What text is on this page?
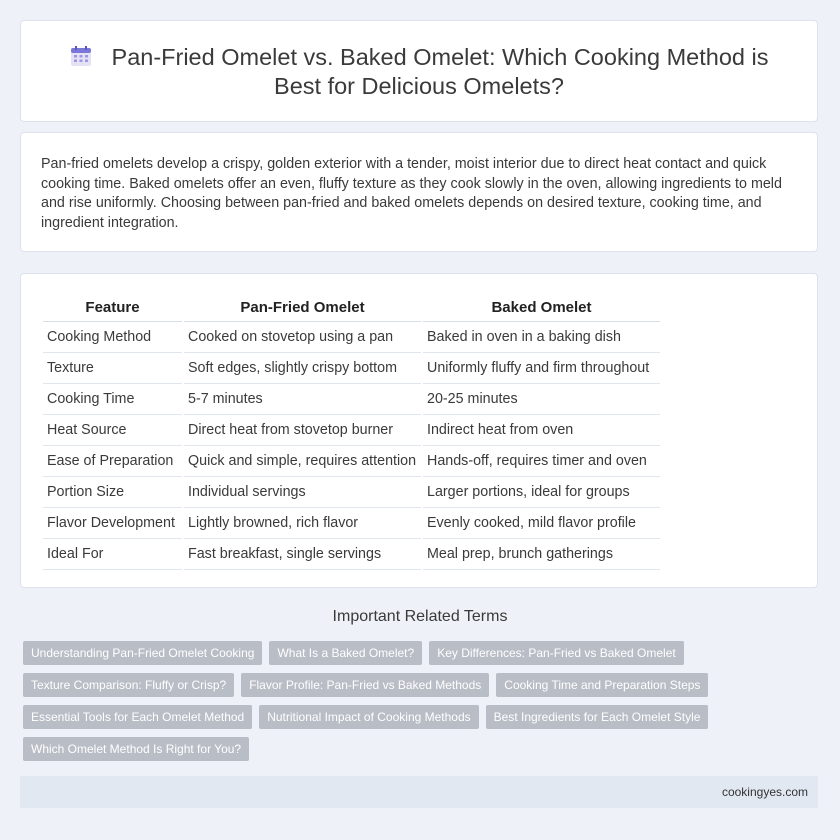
Pan-Fried Omelet vs. Baked Omelet: Which Cooking Method is Best for Delicious Omelets?

Pan-fried omelets develop a crispy, golden exterior with a tender, moist interior due to direct heat contact and quick cooking time. Baked omelets offer an even, fluffy texture as they cook slowly in the oven, allowing ingredients to meld and rise uniformly. Choosing between pan-fried and baked omelets depends on desired texture, cooking time, and ingredient integration.

Feature	Pan-Fried Omelet	Baked Omelet
Cooking Method	Cooked on stovetop using a pan	Baked in oven in a baking dish
Texture	Soft edges, slightly crispy bottom	Uniformly fluffy and firm throughout
Cooking Time	5-7 minutes	20-25 minutes
Heat Source	Direct heat from stovetop burner	Indirect heat from oven
Ease of Preparation	Quick and simple, requires attention	Hands-off, requires timer and oven
Portion Size	Individual servings	Larger portions, ideal for groups
Flavor Development	Lightly browned, rich flavor	Evenly cooked, mild flavor profile
Ideal For	Fast breakfast, single servings	Meal prep, brunch gatherings
Important Related Terms
Understanding Pan-Fried Omelet Cooking	What Is a Baked Omelet?	Key Differences: Pan-Fried vs Baked Omelet
Texture Comparison: Fluffy or Crisp?	Flavor Profile: Pan-Fried vs Baked Methods	Cooking Time and Preparation Steps
Essential Tools for Each Omelet Method	Nutritional Impact of Cooking Methods	Best Ingredients for Each Omelet Style
Which Omelet Method Is Right for You?
cookingyes.com
